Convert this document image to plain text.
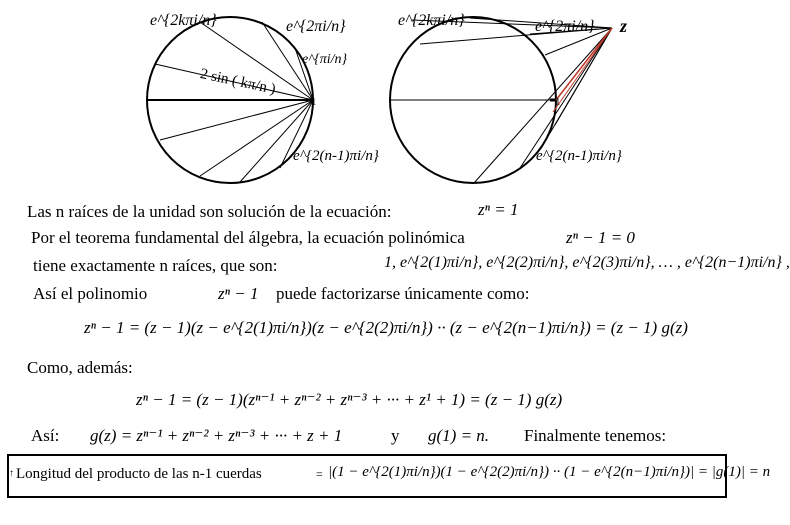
e^{2kπi/n}	e^{2πi/n}
e^{πi/n}
2 sin ( kπ/n )
1
e^{2(n-1)πi/n}
e^{2kπi/n}	e^{2πi/n} z
1
e^{2(n-1)πi/n}
Las n raíces de la unidad son solución de la ecuación:	zⁿ = 1
Por el teorema fundamental del álgebra, la ecuación polinómica	zⁿ − 1 = 0
tiene exactamente n raíces, que son:	1, e^{2(1)πi/n}, e^{2(2)πi/n}, e^{2(3)πi/n}, … , e^{2(n−1)πi/n} ,
Así el polinomio	zⁿ − 1 puede factorizarse únicamente como:
zⁿ − 1 = (z − 1)(z − e^{2(1)πi/n})(z − e^{2(2)πi/n}) ·· (z − e^{2(n−1)πi/n}) = (z − 1) g(z)
Como, además:
zⁿ − 1 = (z − 1)(zⁿ⁻¹ + zⁿ⁻² + zⁿ⁻³ + ··· + z¹ + 1) = (z − 1) g(z)
Así: g(z) = zⁿ⁻¹ + zⁿ⁻² + zⁿ⁻³ + ··· + z + 1	y g(1) = n. Finalmente tenemos:
↑ Longitud del producto de las n-1 cuerdas	= |(1 − e^{2(1)πi/n})(1 − e^{2(2)πi/n}) ·· (1 − e^{2(n−1)πi/n})| = |g(1)| = n
